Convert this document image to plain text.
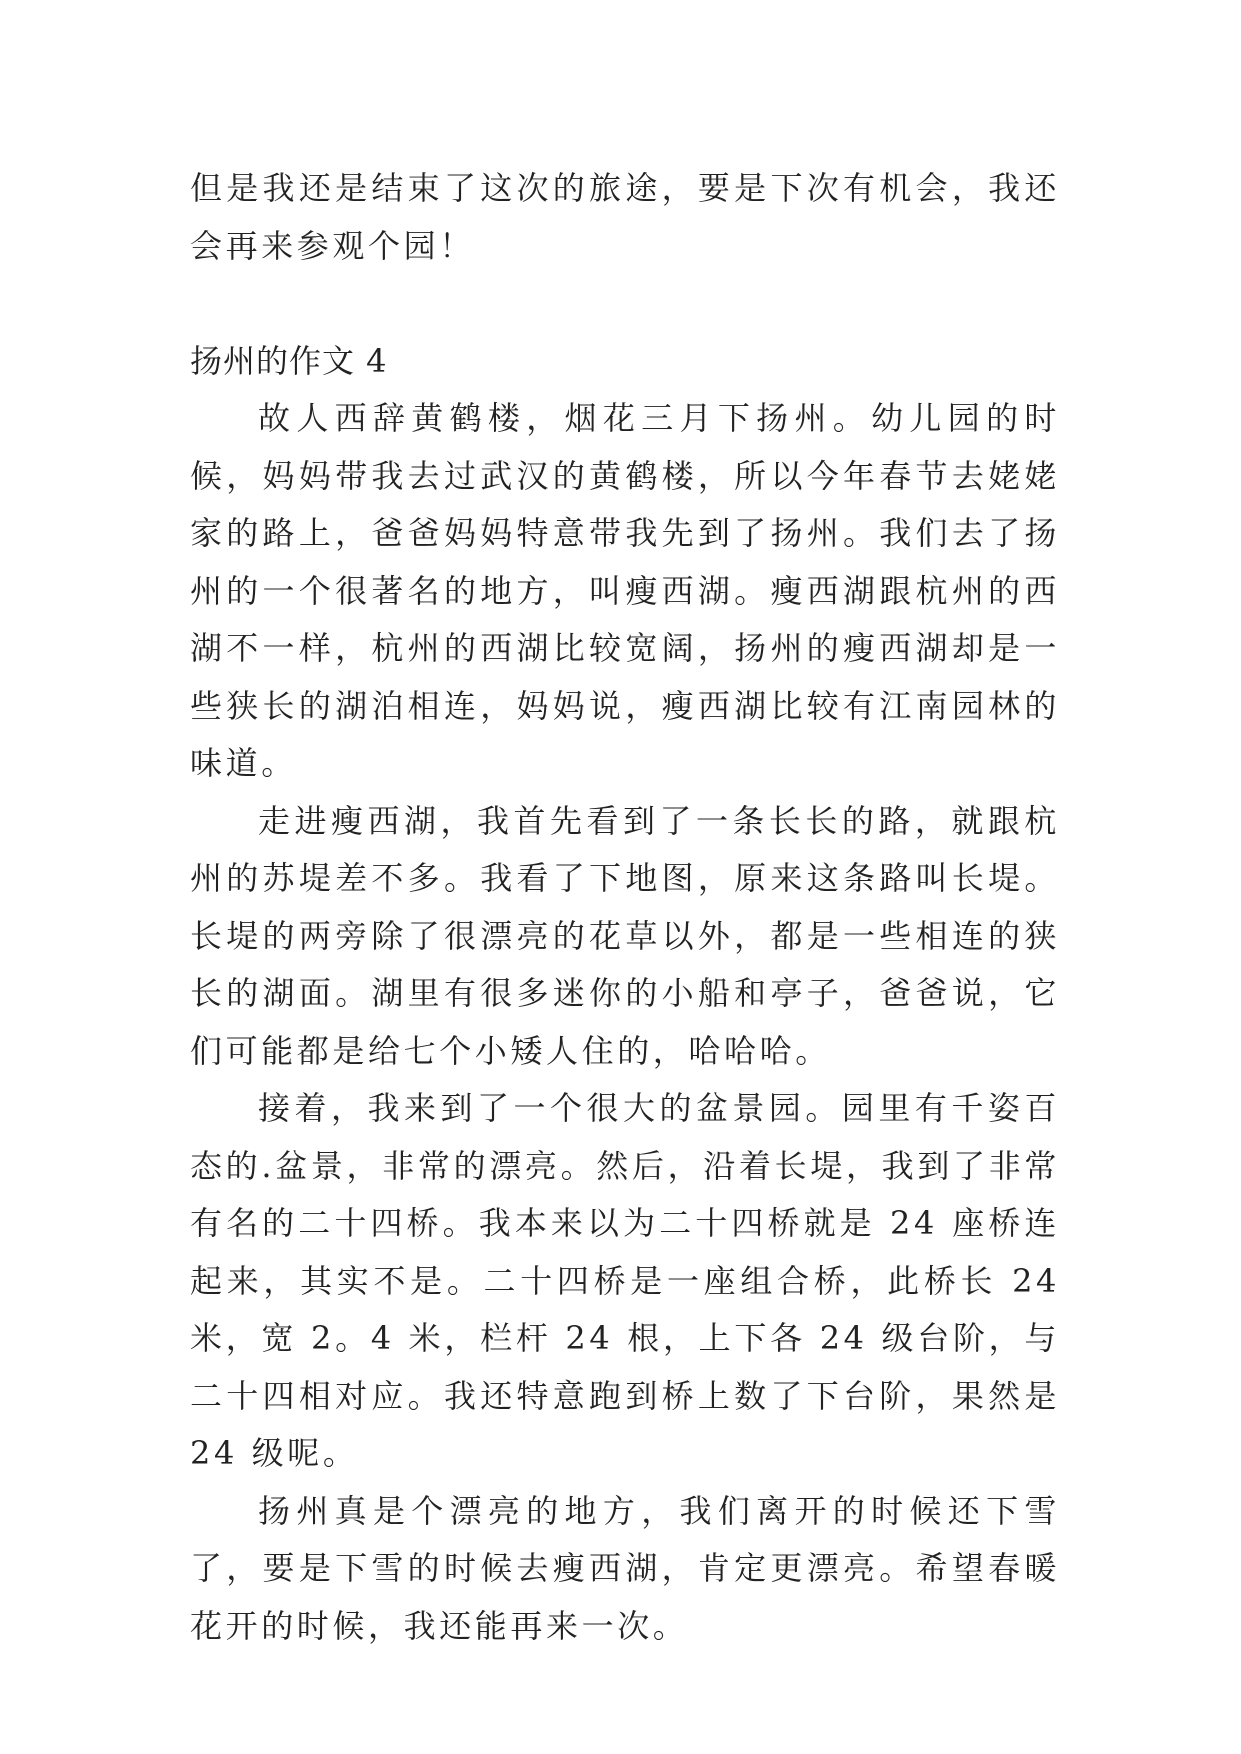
但是我还是结束了这次的旅途，要是下次有机会，我还会再来参观个园！

扬州的作文 4

故人西辞黄鹤楼，烟花三月下扬州。幼儿园的时候，妈妈带我去过武汉的黄鹤楼，所以今年春节去姥姥家的路上，爸爸妈妈特意带我先到了扬州。我们去了扬州的一个很著名的地方，叫瘦西湖。瘦西湖跟杭州的西湖不一样，杭州的西湖比较宽阔，扬州的瘦西湖却是一些狭长的湖泊相连，妈妈说，瘦西湖比较有江南园林的味道。

走进瘦西湖，我首先看到了一条长长的路，就跟杭州的苏堤差不多。我看了下地图，原来这条路叫长堤。长堤的两旁除了很漂亮的花草以外，都是一些相连的狭长的湖面。湖里有很多迷你的小船和亭子，爸爸说，它们可能都是给七个小矮人住的，哈哈哈。

接着，我来到了一个很大的盆景园。园里有千姿百态的.盆景，非常的漂亮。然后，沿着长堤，我到了非常有名的二十四桥。我本来以为二十四桥就是 24 座桥连起来，其实不是。二十四桥是一座组合桥，此桥长 24 米，宽 2。4 米，栏杆 24 根，上下各 24 级台阶，与二十四相对应。我还特意跑到桥上数了下台阶，果然是 24 级呢。

扬州真是个漂亮的地方，我们离开的时候还下雪了，要是下雪的时候去瘦西湖，肯定更漂亮。希望春暖花开的时候，我还能再来一次。
